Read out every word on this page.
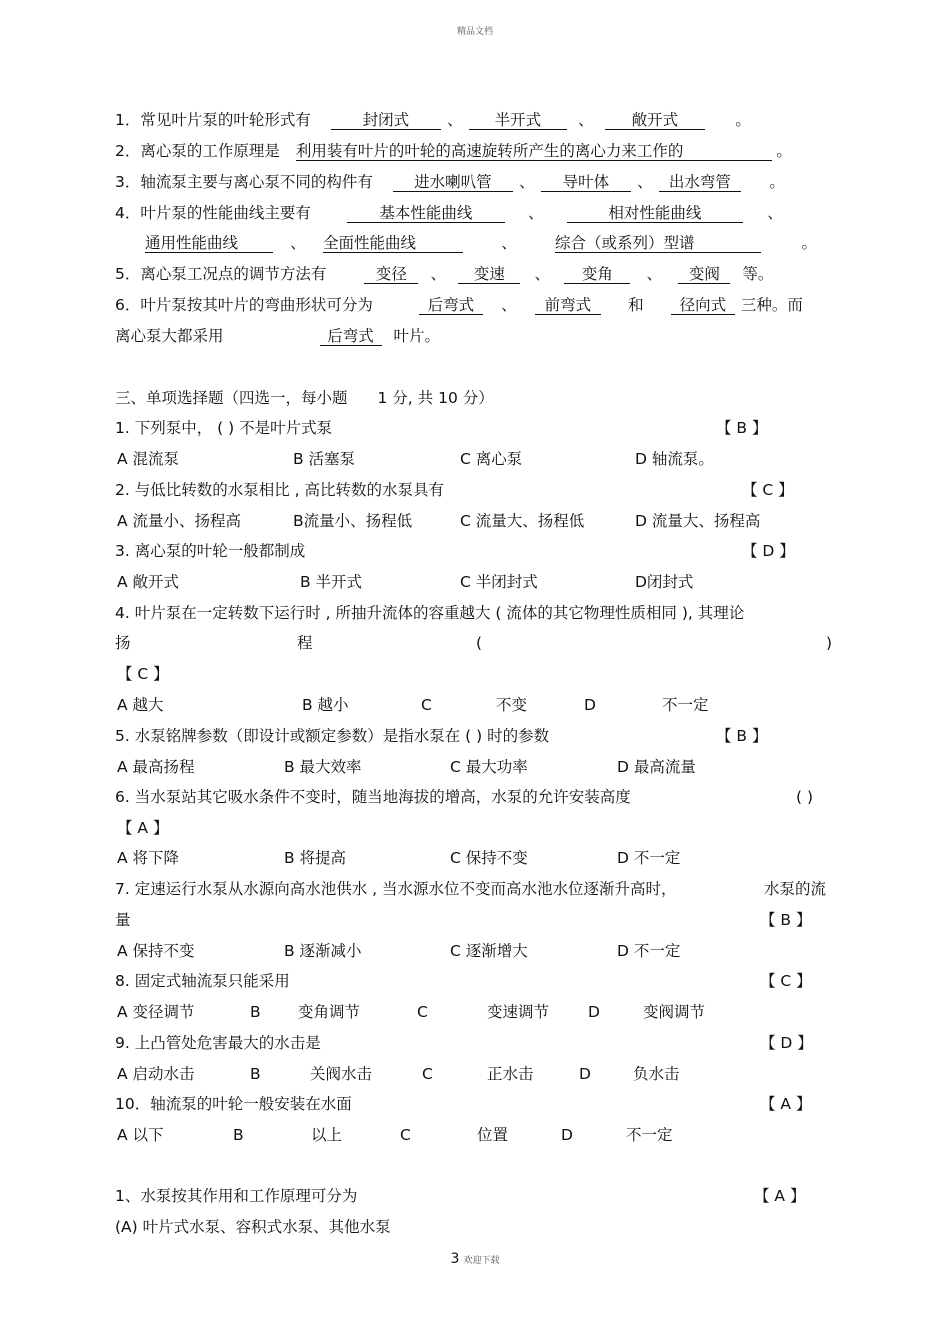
精品文档
1．常见叶片泵的叶轮形式有	封闭式 、 半开式 、 敞开式	。
2．离心泵的工作原理是 利用装有叶片的叶轮的高速旋转所产生的离心力来工作的	。
3．轴流泵主要与离心泵不同的构件有	进水喇叭管 、 导叶体 、 出水弯管 。
4．叶片泵的性能曲线主要有	基本性能曲线	、	相对性能曲线	、
通用性能曲线	、 全面性能曲线	、 综合（或系列）型谱	。
5．离心泵工况点的调节方法有	变径 、 变速 、 变角 、 变阀 等。
6．叶片泵按其叶片的弯曲形状可分为	后弯式 、 前弯式 和 径向式 三种。而
离心泵大都采用	后弯式 叶片。
三、单项选择题（四选一，每小题 1 分, 共 10 分）
1. 下列泵中， ( ) 不是叶片式泵	【 B 】
A 混流泵	B 活塞泵	C 离心泵	D 轴流泵。
2. 与低比转数的水泵相比 , 高比转数的水泵具有	【 C 】
A 流量小、扬程高	B流量小、扬程低	C 流量大、扬程低	D 流量大、扬程高
3. 离心泵的叶轮一般都制成	【 D 】
A 敞开式	B 半开式	C 半闭封式	D闭封式
4. 叶片泵在一定转数下运行时 , 所抽升流体的容重越大 ( 流体的其它物理性质相同 ), 其理论
扬	程	(	)
【 C 】
A 越大	B 越小	C	不变	D	不一定
5. 水泵铭牌参数（即设计或额定参数）是指水泵在 ( ) 时的参数	【 B 】
A 最高扬程	B 最大效率	C 最大功率	D 最高流量
6. 当水泵站其它吸水条件不变时，随当地海拔的增高，水泵的允许安装高度	( )
【 A 】
A 将下降	B 将提高	C 保持不变	D 不一定
7. 定速运行水泵从水源向高水池供水 , 当水源水位不变而高水池水位逐渐升高时，	水泵的流
量	【 B 】
A 保持不变	B 逐渐减小	C 逐渐增大	D 不一定
8. 固定式轴流泵只能采用	【 C 】
A 变径调节	B 变角调节	C	变速调节	D	变阀调节
9. 上凸管处危害最大的水击是	【 D 】
A 启动水击	B	关阀水击	C	正水击	D	负水击
10．轴流泵的叶轮一般安装在水面	【 A 】
A 以下	B	以上	C	位置	D	不一定
1、水泵按其作用和工作原理可分为	【 A 】
(A) 叶片式水泵、容积式水泵、其他水泵
3 欢迎下载
